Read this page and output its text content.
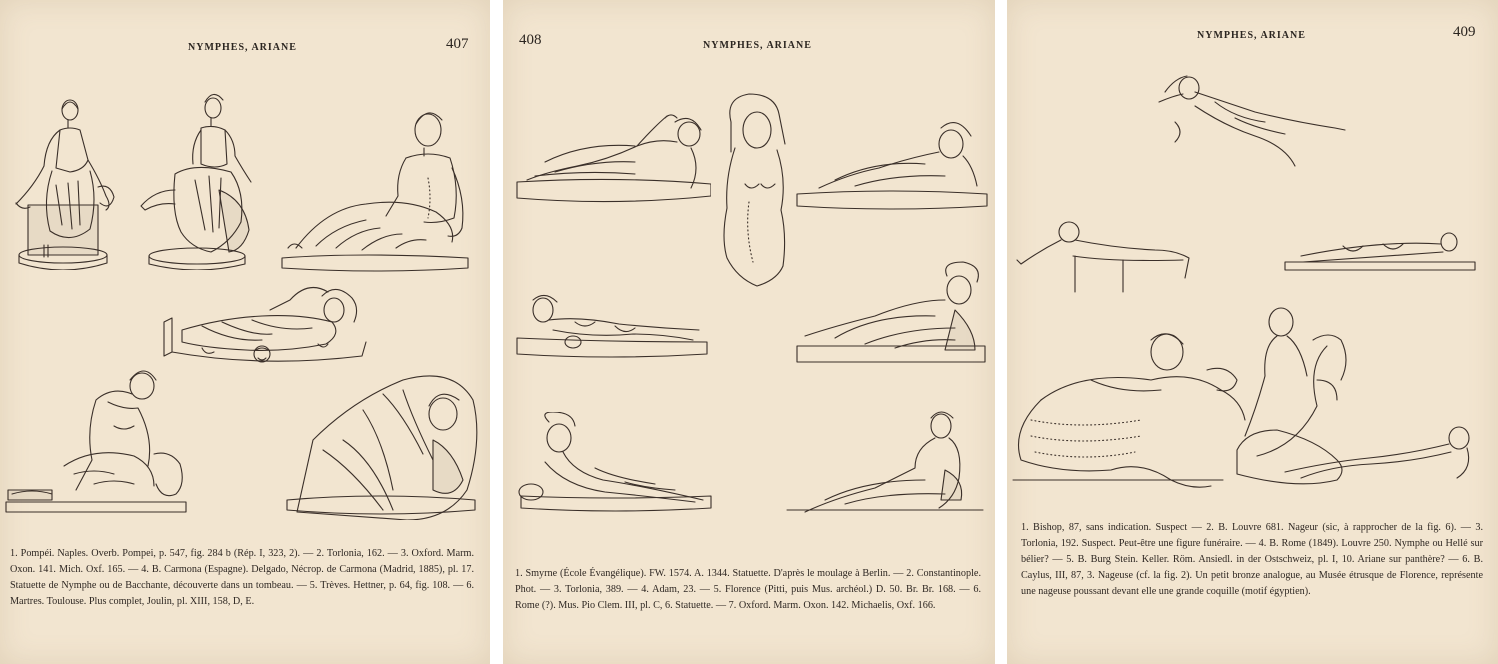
NYMPHES, ARIANE	407

1. Pompéi. Naples. Overb. Pompei, p. 547, fig. 284 b (Rép. I, 323, 2). — 2. Torlonia, 162. — 3. Oxford. Marm. Oxon. 141. Mich. Oxf. 165. — 4. B. Carmona (Espagne). Delgado, Nécrop. de Carmona (Madrid, 1885), pl. 17. Statuette de Nymphe ou de Bacchante, découverte dans un tombeau. — 5. Trèves. Hettner, p. 64, fig. 108. — 6. Martres. Toulouse. Plus complet, Joulin, pl. XIII, 158, D, E.

408	NYMPHES, ARIANE

1. Smyrne (École Évangélique). FW. 1574. A. 1344. Statuette. D'après le moulage à Berlin. — 2. Constantinople. Phot. — 3. Torlonia, 389. — 4. Adam, 23. — 5. Florence (Pitti, puis Mus. archéol.) D. 50. Br. Br. 168. — 6. Rome (?). Mus. Pio Clem. III, pl. C, 6. Statuette. — 7. Oxford. Marm. Oxon. 142. Michaelis, Oxf. 166.

NYMPHES, ARIANE	409

1. Bishop, 87, sans indication. Suspect — 2. B. Louvre 681. Nageur (sic, à rapprocher de la fig. 6). — 3. Torlonia, 192. Suspect. Peut-être une figure funéraire. — 4. B. Rome (1849). Louvre 250. Nymphe ou Hellé sur bélier? — 5. B. Burg Stein. Keller. Röm. Ansiedl. in der Ostschweiz, pl. I, 10. Ariane sur panthère? — 6. B. Caylus, III, 87, 3. Nageuse (cf. la fig. 2). Un petit bronze analogue, au Musée étrusque de Florence, représente une nageuse poussant devant elle une grande coquille (motif égyptien).
